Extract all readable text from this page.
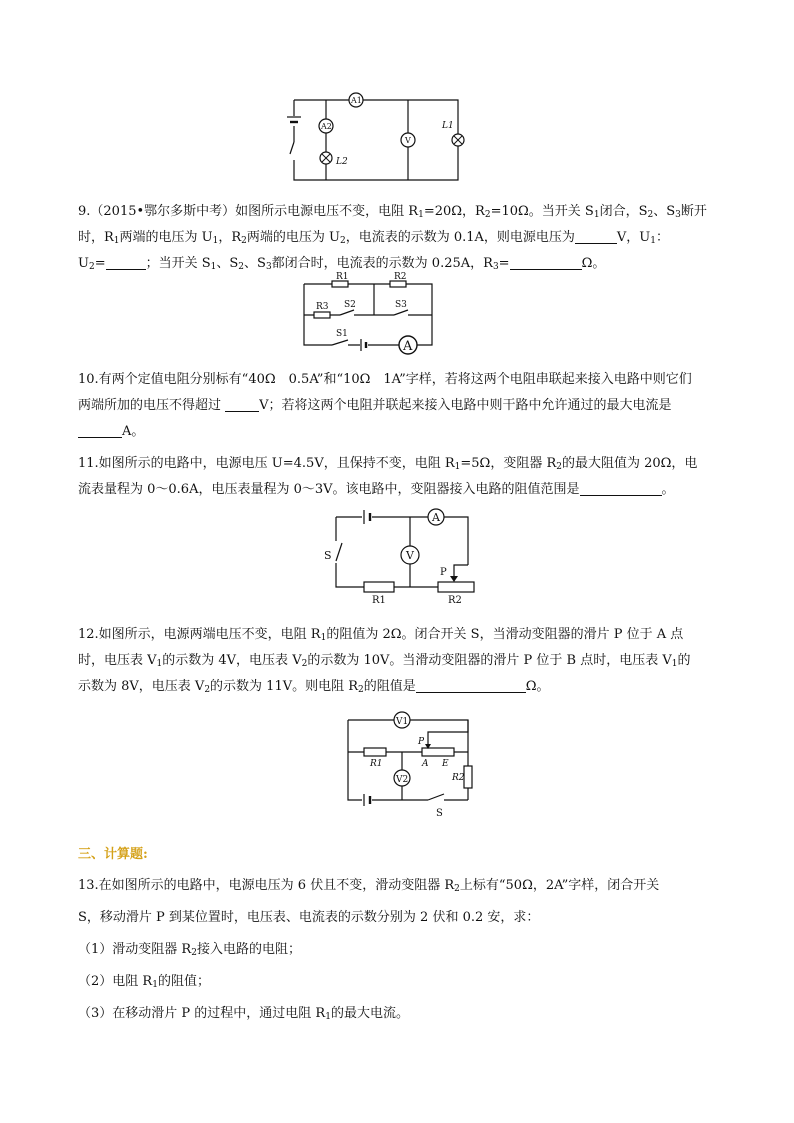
A1
A2
L2
V
L1

9.（2015•鄂尔多斯中考）如图所示电源电压不变，电阻 $R_1=20\Omega$，$R_2=10\Omega$。当开关 $S_1$闭合，$S_2$、$S_3$断开
时，$R_1$两端的电压为 $U_1$，$R_2$两端的电压为 $U_2$，电流表的示数为 0.1A，则电源电压为	V，$U_1$：
$U_2=$	；当开关 $S_1$、$S_2$、$S_3$都闭合时，电流表的示数为 0.25A，$R_3=$	Ω。

R1	R2
R3 S2	S3
S1
A

10.有两个定值电阻分别标有“40Ω　0.5A”和“10Ω　1A”字样，若将这两个电阻串联起来接入电路中则它们
两端所加的电压不得超过	V；若将这两个电阻并联起来接入电路中则干路中允许通过的最大电流是
A。

11.如图所示的电路中，电源电压 U=4.5V，且保持不变，电阻 $R_1=5\Omega$，变阻器 $R_2$的最大阻值为 20Ω，电
流表量程为 0～0.6A，电压表量程为 0～3V。该电路中，变阻器接入电路的阻值范围是	。

A
V
S
R1
P
R2

12.如图所示，电源两端电压不变，电阻 $R_1$的阻值为 2Ω。闭合开关 S，当滑动变阻器的滑片 P 位于 A 点
时，电压表 $V_1$的示数为 4V，电压表 $V_2$的示数为 10V。当滑动变阻器的滑片 P 位于 B 点时，电压表 $V_1$的
示数为 8V，电压表 $V_2$的示数为 11V。则电阻 $R_2$的阻值是	Ω。

V1
R1
P
A E
R2
V2
S

三、计算题:

13.在如图所示的电路中，电源电压为 6 伏且不变，滑动变阻器 $R_2$上标有“50Ω，2A”字样，闭合开关
S，移动滑片 P 到某位置时，电压表、电流表的示数分别为 2 伏和 0.2 安，求：
（1）滑动变阻器 $R_2$接入电路的电阻；
（2）电阻 $R_1$的阻值；
（3）在移动滑片 P 的过程中，通过电阻 $R_1$的最大电流。
